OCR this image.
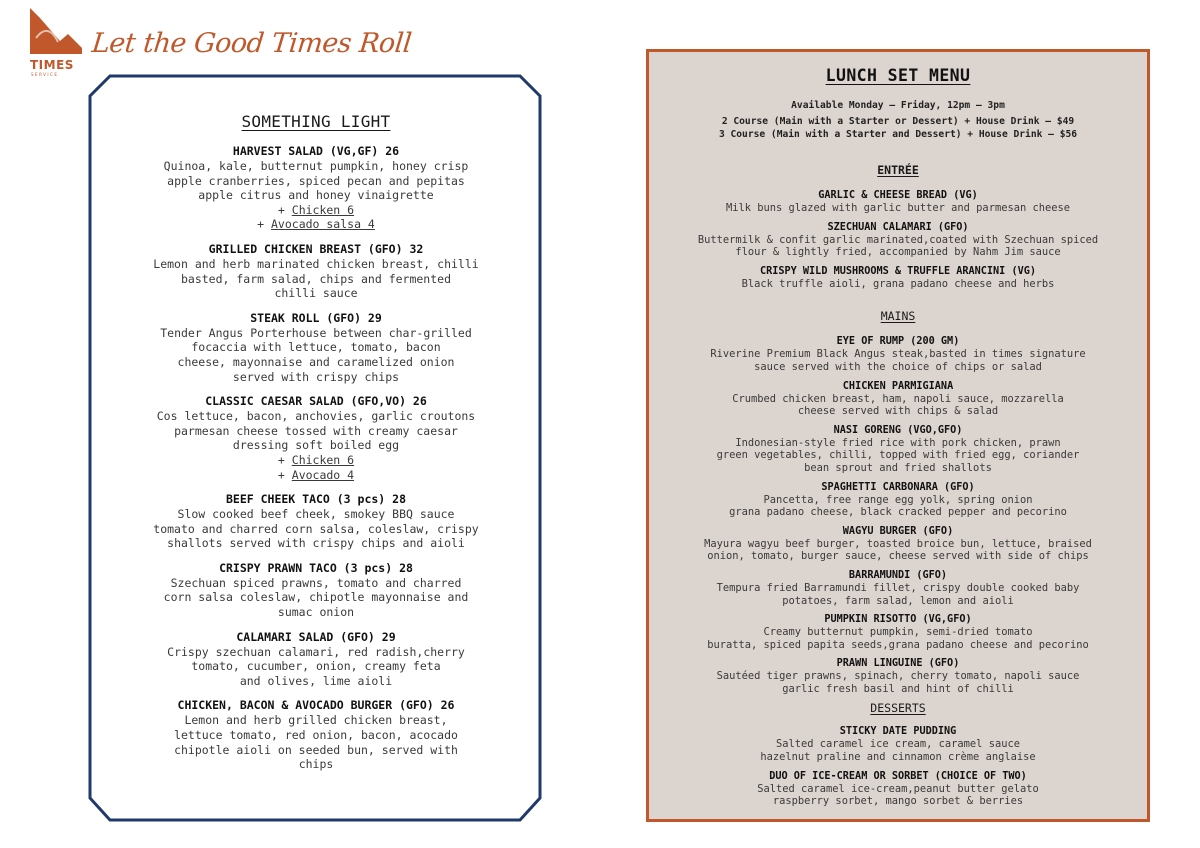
TIMES
SERVICE
Let the Good Times Roll
SOMETHING LIGHT
HARVEST SALAD (VG,GF) 26
Quinoa, kale, butternut pumpkin, honey crisp
apple cranberries, spiced pecan and pepitas
apple citrus and honey vinaigrette
+ Chicken 6
+ Avocado salsa 4
GRILLED CHICKEN BREAST (GFO) 32
Lemon and herb marinated chicken breast, chilli
basted, farm salad, chips and fermented
chilli sauce
STEAK ROLL (GFO) 29
Tender Angus Porterhouse between char-grilled
focaccia with lettuce, tomato, bacon
cheese, mayonnaise and caramelized onion
served with crispy chips
CLASSIC CAESAR SALAD (GFO,VO) 26
Cos lettuce, bacon, anchovies, garlic croutons
parmesan cheese tossed with creamy caesar
dressing soft boiled egg
+ Chicken 6
+ Avocado 4
BEEF CHEEK TACO (3 pcs) 28
Slow cooked beef cheek, smokey BBQ sauce
tomato and charred corn salsa, coleslaw, crispy
shallots served with crispy chips and aioli
CRISPY PRAWN TACO (3 pcs) 28
Szechuan spiced prawns, tomato and charred
corn salsa coleslaw, chipotle mayonnaise and
sumac onion
CALAMARI SALAD (GFO) 29
Crispy szechuan calamari, red radish,cherry
tomato, cucumber, onion, creamy feta
and olives, lime aioli
CHICKEN, BACON & AVOCADO BURGER (GFO) 26
Lemon and herb grilled chicken breast,
lettuce tomato, red onion, bacon, acocado
chipotle aioli on seeded bun, served with
chips
LUNCH SET MENU
Available Monday – Friday, 12pm – 3pm
2 Course (Main with a Starter or Dessert) + House Drink – $49
3 Course (Main with a Starter and Dessert) + House Drink – $56
ENTRÉE
GARLIC & CHEESE BREAD (VG)
Milk buns glazed with garlic butter and parmesan cheese
SZECHUAN CALAMARI (GFO)
Buttermilk & confit garlic marinated,coated with Szechuan spiced
flour & lightly fried, accompanied by Nahm Jim sauce
CRISPY WILD MUSHROOMS & TRUFFLE ARANCINI (VG)
Black truffle aioli, grana padano cheese and herbs
MAINS
EYE OF RUMP (200 GM)
Riverine Premium Black Angus steak,basted in times signature
sauce served with the choice of chips or salad
CHICKEN PARMIGIANA
Crumbed chicken breast, ham, napoli sauce, mozzarella
cheese served with chips & salad
NASI GORENG (VGO,GFO)
Indonesian-style fried rice with pork chicken, prawn
green vegetables, chilli, topped with fried egg, coriander
bean sprout and fried shallots
SPAGHETTI CARBONARA (GFO)
Pancetta, free range egg yolk, spring onion
grana padano cheese, black cracked pepper and pecorino
WAGYU BURGER (GFO)
Mayura wagyu beef burger, toasted broice bun, lettuce, braised
onion, tomato, burger sauce, cheese served with side of chips
BARRAMUNDI (GFO)
Tempura fried Barramundi fillet, crispy double cooked baby
potatoes, farm salad, lemon and aioli
PUMPKIN RISOTTO (VG,GFO)
Creamy butternut pumpkin, semi-dried tomato
buratta, spiced papita seeds,grana padano cheese and pecorino
PRAWN LINGUINE (GFO)
Sautéed tiger prawns, spinach, cherry tomato, napoli sauce
garlic fresh basil and hint of chilli
DESSERTS
STICKY DATE PUDDING
Salted caramel ice cream, caramel sauce
hazelnut praline and cinnamon crème anglaise
DUO OF ICE-CREAM OR SORBET (CHOICE OF TWO)
Salted caramel ice-cream,peanut butter gelato
raspberry sorbet, mango sorbet & berries
